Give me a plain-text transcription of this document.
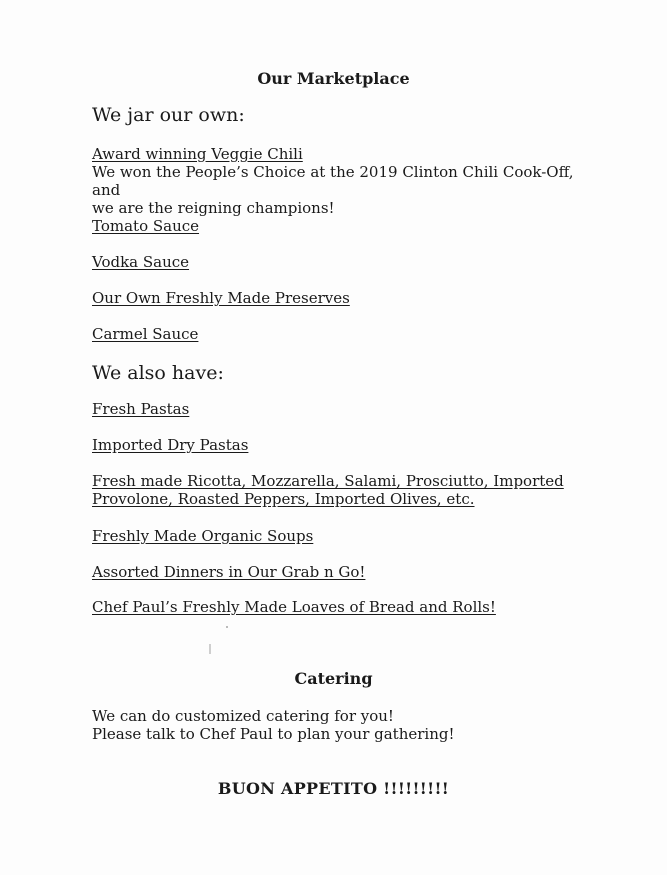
Our Marketplace
We jar our own:
Award winning Veggie Chili
We won the People’s Choice at the 2019 Clinton Chili Cook-Off, and
we are the reigning champions!
Tomato Sauce
Vodka Sauce
Our Own Freshly Made Preserves
Carmel Sauce
We also have:
Fresh Pastas
Imported Dry Pastas
Fresh made Ricotta, Mozzarella, Salami, Prosciutto, Imported
Provolone, Roasted Peppers, Imported Olives, etc.
Freshly Made Organic Soups
Assorted Dinners in Our Grab n Go!
Chef Paul’s Freshly Made Loaves of Bread and Rolls!
Catering
We can do customized catering for you!
Please talk to Chef Paul to plan your gathering!
BUON APPETITO !!!!!!!!!
